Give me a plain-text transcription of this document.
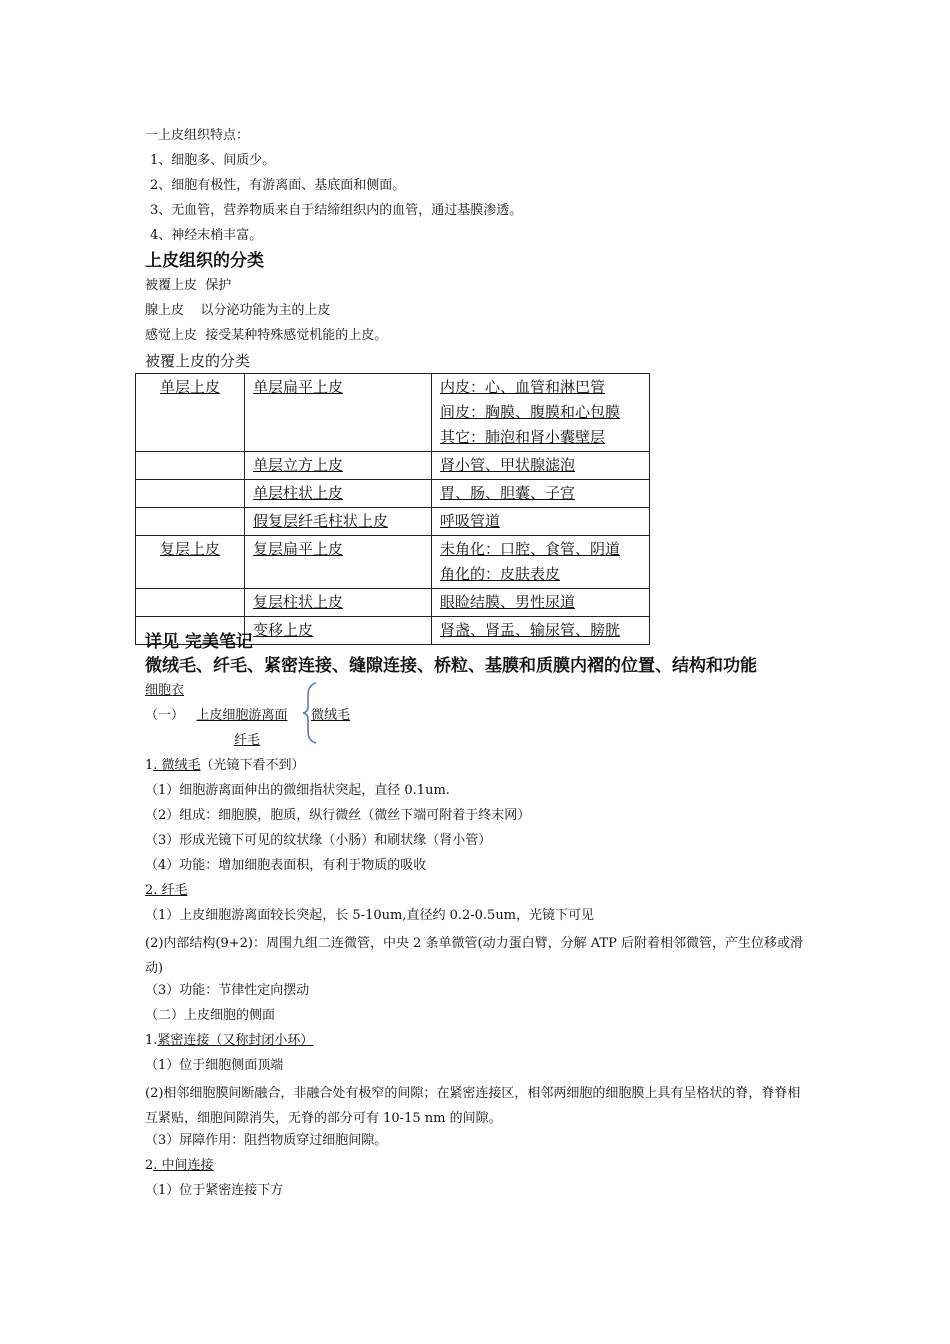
一上皮组织特点：
1、细胞多、间质少。
2、细胞有极性，有游离面、基底面和侧面。
3、无血管，营养物质来自于结缔组织内的血管，通过基膜渗透。
4、神经末梢丰富。
上皮组织的分类
被覆上皮  保护
腺上皮    以分泌功能为主的上皮
感觉上皮  接受某种特殊感觉机能的上皮。
被覆上皮的分类
单层上皮	单层扁平上皮	内皮：心、血管和淋巴管
间皮：胸膜、腹膜和心包膜
其它：肺泡和肾小囊壁层

	单层立方上皮	肾小管、甲状腺滤泡

	单层柱状上皮	胃、肠、胆囊、子宫

	假复层纤毛柱状上皮	呼吸管道

复层上皮	复层扁平上皮	未角化：口腔、食管、阴道
角化的：皮肤表皮

	复层柱状上皮	眼睑结膜、男性尿道

	变移上皮	肾盏、肾盂、输尿管、膀胱
详见 完美笔记
微绒毛、纤毛、紧密连接、缝隙连接、桥粒、基膜和质膜内褶的位置、结构和功能
细胞衣
（一） 上皮细胞游离面 微绒毛
纤毛
1. 微绒毛（光镜下看不到）
（1）细胞游离面伸出的微细指状突起，直径 0.1um.
（2）组成：细胞膜，胞质，纵行微丝（微丝下端可附着于终末网）
（3）形成光镜下可见的纹状缘（小肠）和刷状缘（肾小管）
（4）功能：增加细胞表面积，有利于物质的吸收
2. 纤毛
（1）上皮细胞游离面较长突起，长 5-10um,直径约 0.2-0.5um，光镜下可见
(2)内部结构(9+2)：周围九组二连微管，中央 2 条单微管(动力蛋白臂，分解 ATP 后附着相邻微管，产生位移或滑动)
（3）功能：节律性定向摆动
（二）上皮细胞的侧面
1.紧密连接（又称封闭小环）
（1）位于细胞侧面顶端
(2)相邻细胞膜间断融合，非融合处有极窄的间隙；在紧密连接区，相邻两细胞的细胞膜上具有呈格状的脊，脊脊相互紧贴，细胞间隙消失，无脊的部分可有 10-15 nm 的间隙。
（3）屏障作用：阻挡物质穿过细胞间隙。
2. 中间连接
（1）位于紧密连接下方
